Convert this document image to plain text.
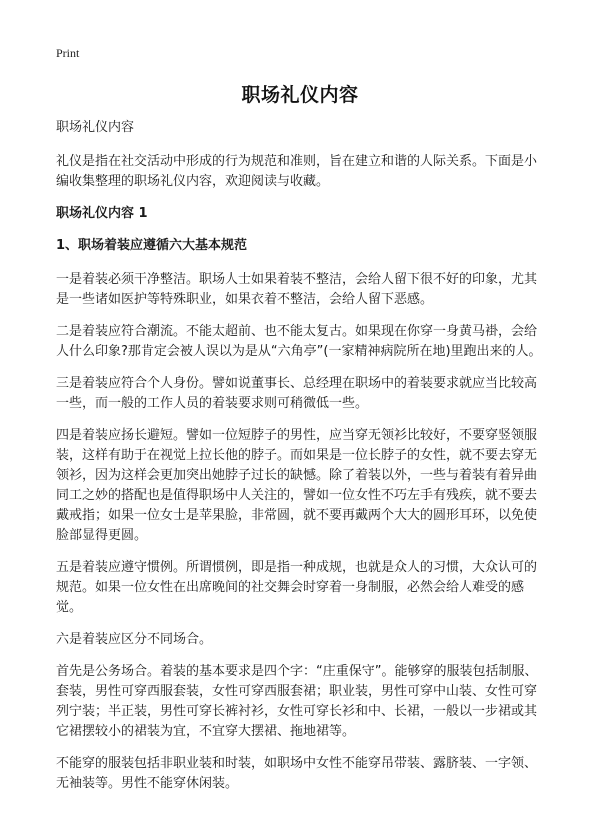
Print
职场礼仪内容

职场礼仪内容

礼仪是指在社交活动中形成的行为规范和准则，旨在建立和谐的人际关系。下面是小编收集整理的职场礼仪内容，欢迎阅读与收藏。

职场礼仪内容 1

1、职场着装应遵循六大基本规范

一是着装必须干净整洁。职场人士如果着装不整洁，会给人留下很不好的印象，尤其是一些诸如医护等特殊职业，如果衣着不整洁，会给人留下恶感。

二是着装应符合潮流。不能太超前、也不能太复古。如果现在你穿一身黄马褂，会给人什么印象?那肯定会被人误以为是从“六角亭”(一家精神病院所在地)里跑出来的人。

三是着装应符合个人身份。譬如说董事长、总经理在职场中的着装要求就应当比较高一些，而一般的工作人员的着装要求则可稍微低一些。

四是着装应扬长避短。譬如一位短脖子的男性，应当穿无领衫比较好，不要穿竖领服装，这样有助于在视觉上拉长他的脖子。而如果是一位长脖子的女性，就不要去穿无领衫，因为这样会更加突出她脖子过长的缺憾。除了着装以外，一些与着装有着异曲同工之妙的搭配也是值得职场中人关注的，譬如一位女性不巧左手有残疾，就不要去戴戒指；如果一位女士是苹果脸，非常圆，就不要再戴两个大大的圆形耳环，以免使脸部显得更圆。

五是着装应遵守惯例。所谓惯例，即是指一种成规，也就是众人的习惯，大众认可的规范。如果一位女性在出席晚间的社交舞会时穿着一身制服，必然会给人难受的感觉。

六是着装应区分不同场合。

首先是公务场合。着装的基本要求是四个字：“庄重保守”。能够穿的服装包括制服、套装，男性可穿西服套装，女性可穿西服套裙；职业装，男性可穿中山装、女性可穿列宁装；半正装，男性可穿长裤衬衫，女性可穿长衫和中、长裙，一般以一步裙或其它裙摆较小的裙装为宜，不宜穿大摆裙、拖地裙等。

不能穿的服装包括非职业装和时装，如职场中女性不能穿吊带装、露脐装、一字领、无袖装等。男性不能穿休闲装。
